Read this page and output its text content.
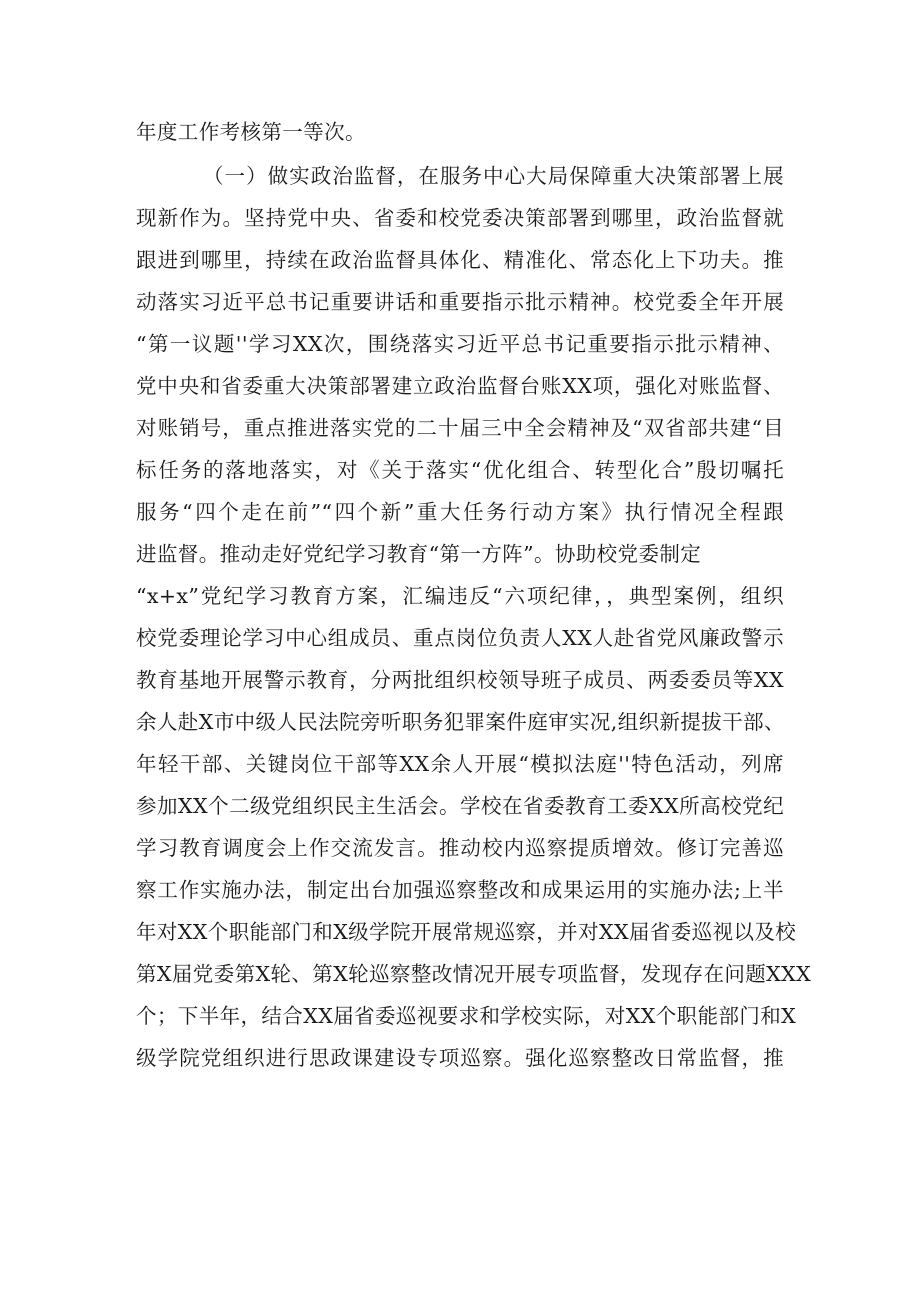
年度工作考核第一等次。
（一）做实政治监督，在服务中心大局保障重大决策部署上展
现新作为。坚持党中央、省委和校党委决策部署到哪里，政治监督就
跟进到哪里，持续在政治监督具体化、精准化、常态化上下功夫。推
动落实习近平总书记重要讲话和重要指示批示精神。校党委全年开展
“第一议题''学习XX次，围绕落实习近平总书记重要指示批示精神、
党中央和省委重大决策部署建立政治监督台账XX项，强化对账监督、
对账销号，重点推进落实党的二十届三中全会精神及“双省部共建“目
标任务的落地落实，对《关于落实“优化组合、转型化合”殷切嘱托
服务“四个走在前”“四个新”重大任务行动方案》执行情况全程跟
进监督。推动走好党纪学习教育“第一方阵”。协助校党委制定
“x+x”党纪学习教育方案，汇编违反“六项纪律，，典型案例，组织
校党委理论学习中心组成员、重点岗位负责人XX人赴省党风廉政警示
教育基地开展警示教育，分两批组织校领导班子成员、两委委员等XX
余人赴X市中级人民法院旁听职务犯罪案件庭审实况,组织新提拔干部、
年轻干部、关键岗位干部等XX余人开展“模拟法庭''特色活动，列席
参加XX个二级党组织民主生活会。学校在省委教育工委XX所高校党纪
学习教育调度会上作交流发言。推动校内巡察提质增效。修订完善巡
察工作实施办法，制定出台加强巡察整改和成果运用的实施办法;上半
年对XX个职能部门和X级学院开展常规巡察，并对XX届省委巡视以及校
第X届党委第X轮、第X轮巡察整改情况开展专项监督，发现存在问题XXX
个；下半年，结合XX届省委巡视要求和学校实际，对XX个职能部门和X
级学院党组织进行思政课建设专项巡察。强化巡察整改日常监督，推
